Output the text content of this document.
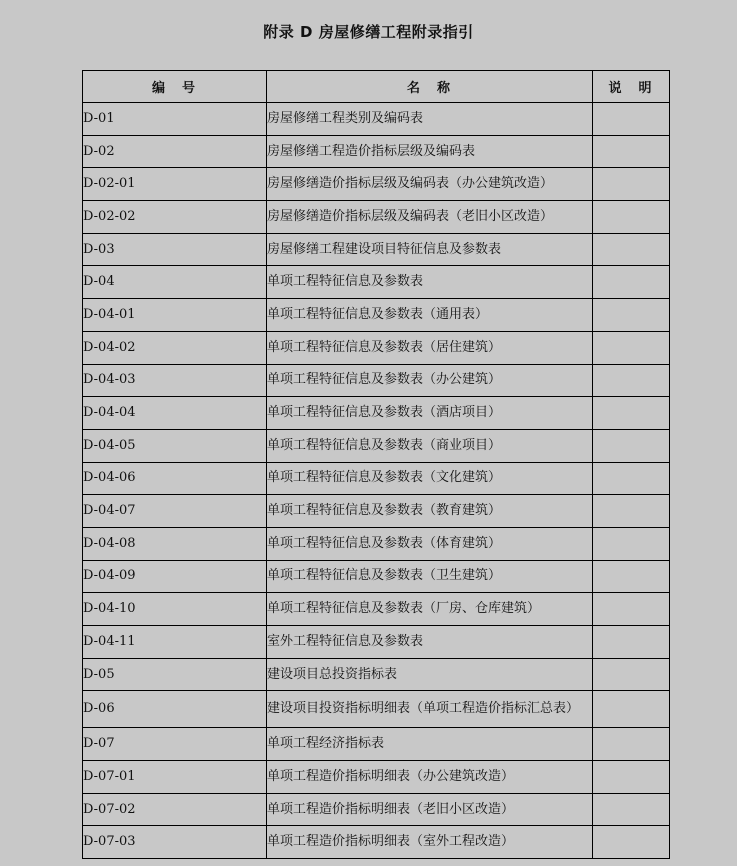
附录 D 房屋修缮工程附录指引
编　号	名　称	说　明
D-01	房屋修缮工程类别及编码表	
D-02	房屋修缮工程造价指标层级及编码表	
D-02-01	房屋修缮造价指标层级及编码表（办公建筑改造）	
D-02-02	房屋修缮造价指标层级及编码表（老旧小区改造）	
D-03	房屋修缮工程建设项目特征信息及参数表	
D-04	单项工程特征信息及参数表	
D-04-01	单项工程特征信息及参数表（通用表）	
D-04-02	单项工程特征信息及参数表（居住建筑）	
D-04-03	单项工程特征信息及参数表（办公建筑）	
D-04-04	单项工程特征信息及参数表（酒店项目）	
D-04-05	单项工程特征信息及参数表（商业项目）	
D-04-06	单项工程特征信息及参数表（文化建筑）	
D-04-07	单项工程特征信息及参数表（教育建筑）	
D-04-08	单项工程特征信息及参数表（体育建筑）	
D-04-09	单项工程特征信息及参数表（卫生建筑）	
D-04-10	单项工程特征信息及参数表（厂房、仓库建筑）	
D-04-11	室外工程特征信息及参数表	
D-05	建设项目总投资指标表	
D-06	建设项目投资指标明细表（单项工程造价指标汇总表）	
D-07	单项工程经济指标表	
D-07-01	单项工程造价指标明细表（办公建筑改造）	
D-07-02	单项工程造价指标明细表（老旧小区改造）	
D-07-03	单项工程造价指标明细表（室外工程改造）	
